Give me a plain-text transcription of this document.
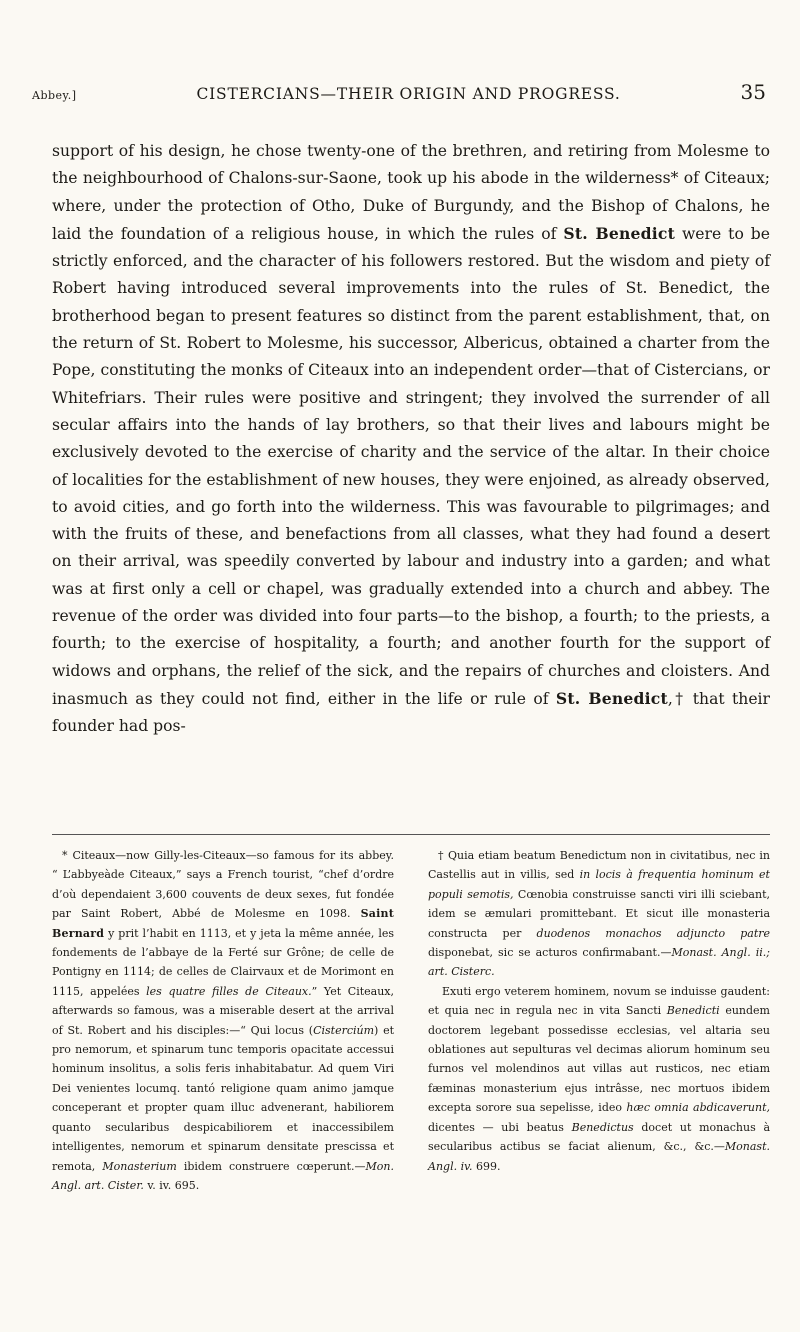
Abbey.]	CISTERCIANS—THEIR ORIGIN AND PROGRESS.	35

support of his design, he chose twenty-one of the brethren, and retiring from Molesme to the neighbourhood of Chalons-sur-Saone, took up his abode in the wilderness* of Citeaux; where, under the protection of Otho, Duke of Burgundy, and the Bishop of Chalons, he laid the foundation of a religious house, in which the rules of St. Benedict were to be strictly enforced, and the character of his followers restored. But the wisdom and piety of Robert having introduced several improvements into the rules of St. Benedict, the brotherhood began to present features so distinct from the parent establishment, that, on the return of St. Robert to Molesme, his successor, Albericus, obtained a charter from the Pope, constituting the monks of Citeaux into an independent order—that of Cistercians, or Whitefriars. Their rules were positive and stringent; they involved the surrender of all secular affairs into the hands of lay brothers, so that their lives and labours might be exclusively devoted to the exercise of charity and the service of the altar. In their choice of localities for the establishment of new houses, they were enjoined, as already observed, to avoid cities, and go forth into the wilderness. This was favourable to pilgrimages; and with the fruits of these, and benefactions from all classes, what they had found a desert on their arrival, was speedily converted by labour and industry into a garden; and what was at first only a cell or chapel, was gradually extended into a church and abbey. The revenue of the order was divided into four parts—to the bishop, a fourth; to the priests, a fourth; to the exercise of hospitality, a fourth; and another fourth for the support of widows and orphans, the relief of the sick, and the repairs of churches and cloisters. And inasmuch as they could not find, either in the life or rule of St. Benedict,† that their founder had pos-

* Citeaux—now Gilly-les-Citeaux—so famous for its abbey. “ L’abbyeàde Citeaux,” says a French tourist, “chef d’ordre d’où dependaient 3,600 couvents de deux sexes, fut fondée par Saint Robert, Abbé de Molesme en 1098. Saint Bernard y prit l’habit en 1113, et y jeta la même année, les fondements de l’abbaye de la Ferté sur Grône; de celle de Pontigny en 1114; de celles de Clairvaux et de Morimont en 1115, appelées les quatre filles de Citeaux.” Yet Citeaux, afterwards so famous, was a miserable desert at the arrival of St. Robert and his disciples:—“ Qui locus (Cisterciúm) et pro nemorum, et spinarum tunc temporis opacitate accessui hominum insolitus, a solis feris inhabitabatur. Ad quem Viri Dei venientes locumq. tantó religione quam animo jamque conceperant et propter quam illuc advenerant, habiliorem quanto secularibus despicabiliorem et inaccessibilem intelligentes, nemorum et spinarum densitate prescissa et remota, Monasterium ibidem construere cœperunt.—Mon. Angl. art. Cister. v. iv. 695.

† Quia etiam beatum Benedictum non in civitatibus, nec in Castellis aut in villis, sed in locis à frequentia hominum et populi semotis, Cœnobia construisse sancti viri illi sciebant, idem se æmulari promittebant. Et sicut ille monasteria constructa per duodenos monachos adjuncto patre disponebat, sic se acturos confirmabant.—Monast. Angl. ii.; art. Cisterc.

Exuti ergo veterem hominem, novum se induisse gaudent: et quia nec in regula nec in vita Sancti Benedicti eundem doctorem legebant possedisse ecclesias, vel altaria seu oblationes aut sepulturas vel decimas aliorum hominum seu furnos vel molendinos aut villas aut rusticos, nec etiam fæminas monasterium ejus intrâsse, nec mortuos ibidem excepta sorore sua sepelisse, ideo hæc omnia abdicaverunt, dicentes — ubi beatus Benedictus docet ut monachus à secularibus actibus se faciat alienum, &c., &c.—Monast. Angl. iv. 699.
